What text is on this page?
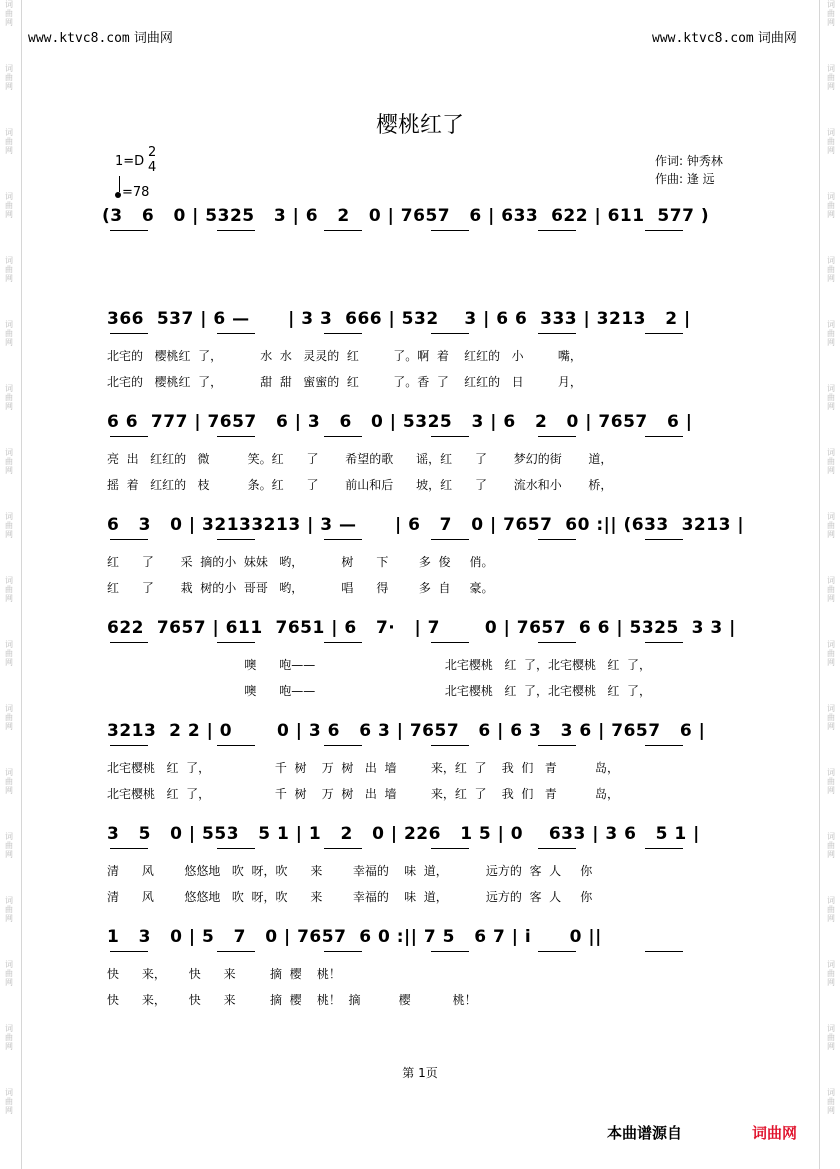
词
曲
网
词
曲
网
词
曲
网
词
曲
网
词
曲
网
词
曲
网
词
曲
网
词
曲
网
词
曲
网
词
曲
网
词
曲
网
词
曲
网
词
曲
网
词
曲
网
词
曲
网
词
曲
网
词
曲
网
词
曲
网
词
曲
网
词
曲
网
词
曲
网
词
曲
网
词
曲
网
词
曲
网
词
曲
网
词
曲
网
词
曲
网
词
曲
网
词
曲
网
词
曲
网
词
曲
网
词
曲
网
词
曲
网
词
曲
网
词
曲
网
词
曲
网
www.ktvc8.com 词曲网	www.ktvc8.com 词曲网
樱桃红了
1=D
2
4
=78
作词: 钟秀林
作曲: 逢 远
(3   6   0 | 5325   3 | 6   2   0 | 7657   6 | 633  622 | 611  577 )
366  537 | 6 —      | 3 3  666 | 532    3 | 6 6  333 | 3213   2 |
北宅的   樱桃红  了，          水  水   灵灵的  红         了。啊  着    红红的   小         嘴，
北宅的   樱桃红  了，          甜  甜   蜜蜜的  红         了。香  了    红红的   日         月，
6 6  777 | 7657   6 | 3   6   0 | 5325   3 | 6   2   0 | 7657   6 |
亮  出   红红的   微          笑。红      了       希望的歌      谣，红      了       梦幻的街       道，
摇  着   红红的   枝          条。红      了       前山和后      坡，红      了       流水和小       桥，
6   3   0 | 32133213 | 3 —      | 6   7   0 | 7657  60 :|| (633  3213 |
红      了       采  摘的小  妹妹   哟，          树      下        多  俊     俏。
红      了       栽  树的小  哥哥   哟，          唱      得        多  自     豪。
622  7657 | 611  7651 | 6   7·   | 7       0 | 7657  6 6 | 5325  3 3 |
噢      咆——                                  北宅樱桃   红  了，北宅樱桃   红  了，
噢      咆——                                  北宅樱桃   红  了，北宅樱桃   红  了，
3213  2 2 | 0       0 | 3 6   6 3 | 7657   6 | 6 3   3 6 | 7657   6 |
北宅樱桃   红  了，                 千  树    万  树   出  墙         来，红  了    我  们   青          岛，
北宅樱桃   红  了，                 千  树    万  树   出  墙         来，红  了    我  们   青          岛，
3   5   0 | 553   5 1 | 1   2   0 | 226   1 5 | 0    633 | 3 6   5 1 |
清      风        悠悠地   吹  呀，吹      来        幸福的    味  道，          远方的  客  人     你
清      风        悠悠地   吹  呀，吹      来        幸福的    味  道，          远方的  客  人     你
1   3   0 | 5   7   0 | 7657  6 0 :|| 7 5   6 7 | i      0 ||
快      来，      快      来         摘  樱    桃！
快      来，      快      来         摘  樱    桃！  摘          樱           桃！
第 1页
本曲谱源自	词曲网
